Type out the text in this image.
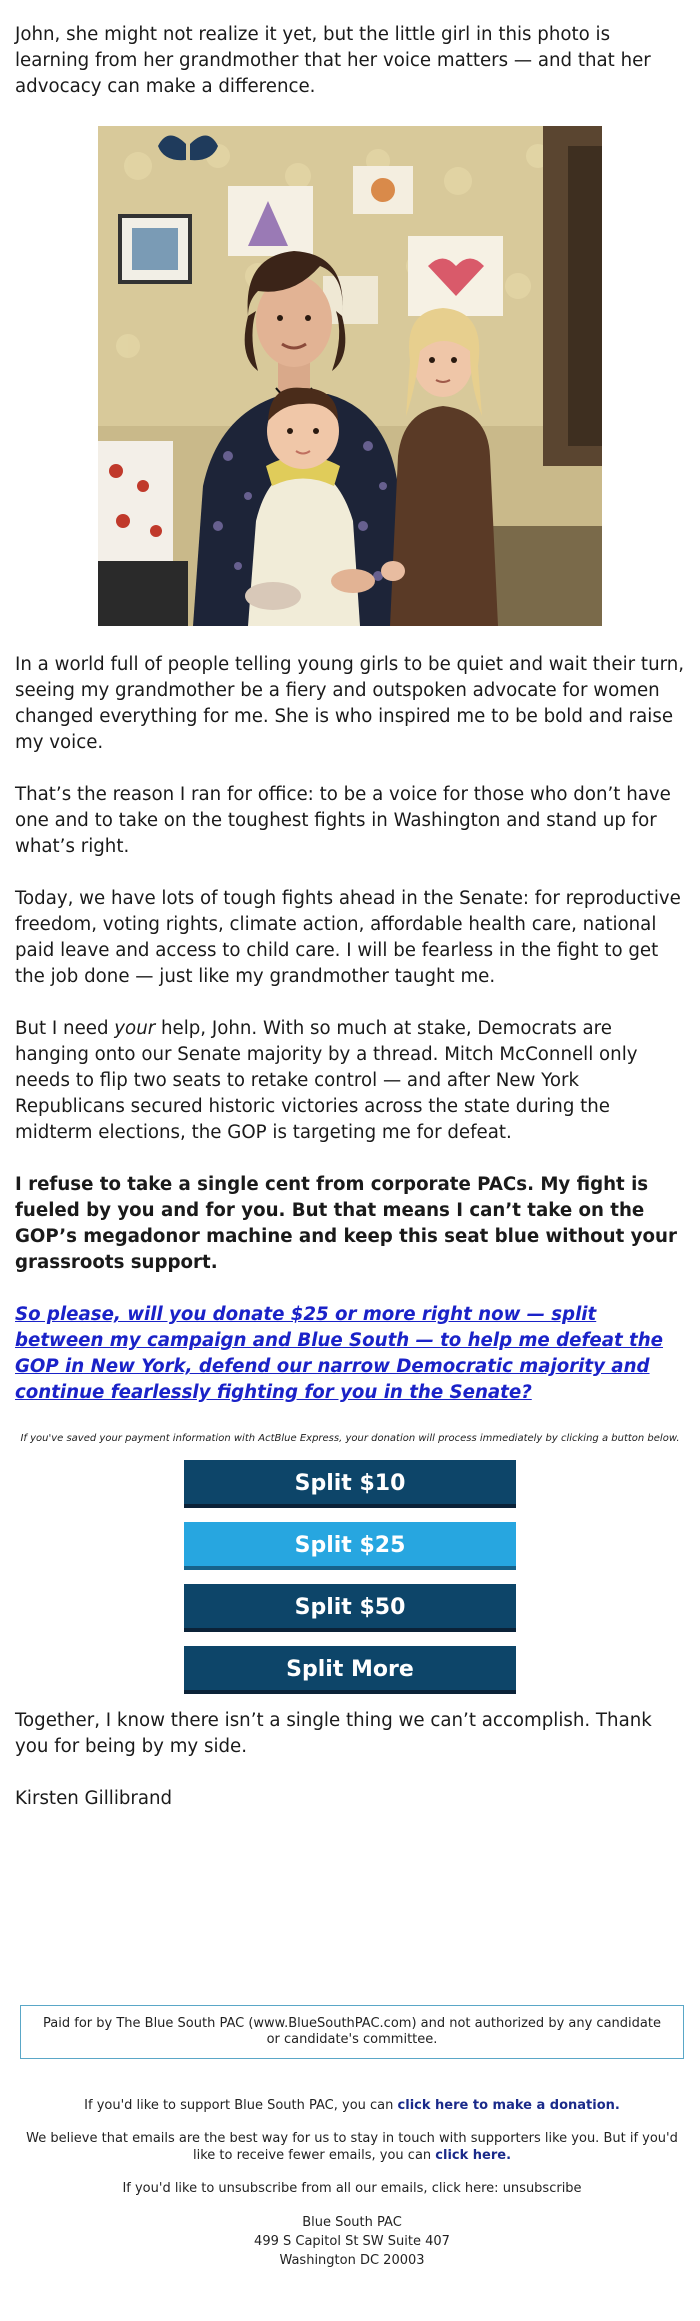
John, she might not realize it yet, but the little girl in this photo is learning from her grandmother that her voice matters — and that her advocacy can make a difference.

In a world full of people telling young girls to be quiet and wait their turn, seeing my grandmother be a fiery and outspoken advocate for women changed everything for me. She is who inspired me to be bold and raise my voice.

That’s the reason I ran for office: to be a voice for those who don’t have one and to take on the toughest fights in Washington and stand up for what’s right.

Today, we have lots of tough fights ahead in the Senate: for reproductive freedom, voting rights, climate action, affordable health care, national paid leave and access to child care. I will be fearless in the fight to get the job done — just like my grandmother taught me.

But I need your help, John. With so much at stake, Democrats are hanging onto our Senate majority by a thread. Mitch McConnell only needs to flip two seats to retake control — and after New York Republicans secured historic victories across the state during the midterm elections, the GOP is targeting me for defeat.

I refuse to take a single cent from corporate PACs. My fight is fueled by you and for you. But that means I can’t take on the GOP’s megadonor machine and keep this seat blue without your grassroots support.

So please, will you donate $25 or more right now — split between my campaign and Blue South — to help me defeat the GOP in New York, defend our narrow Democratic majority and continue fearlessly fighting for you in the Senate?

If you've saved your payment information with ActBlue Express, your donation will process immediately by clicking a button below.
Split $10
Split $25
Split $50
Split More

Together, I know there isn’t a single thing we can’t accomplish. Thank you for being by my side.

Kirsten Gillibrand

Paid for by The Blue South PAC (www.BlueSouthPAC.com) and not authorized by any candidate or candidate's committee.

If you'd like to support Blue South PAC, you can click here to make a donation.

We believe that emails are the best way for us to stay in touch with supporters like you. But if you'd like to receive fewer emails, you can click here.

If you'd like to unsubscribe from all our emails, click here: unsubscribe

Blue South PAC
499 S Capitol St SW Suite 407
Washington DC 20003
